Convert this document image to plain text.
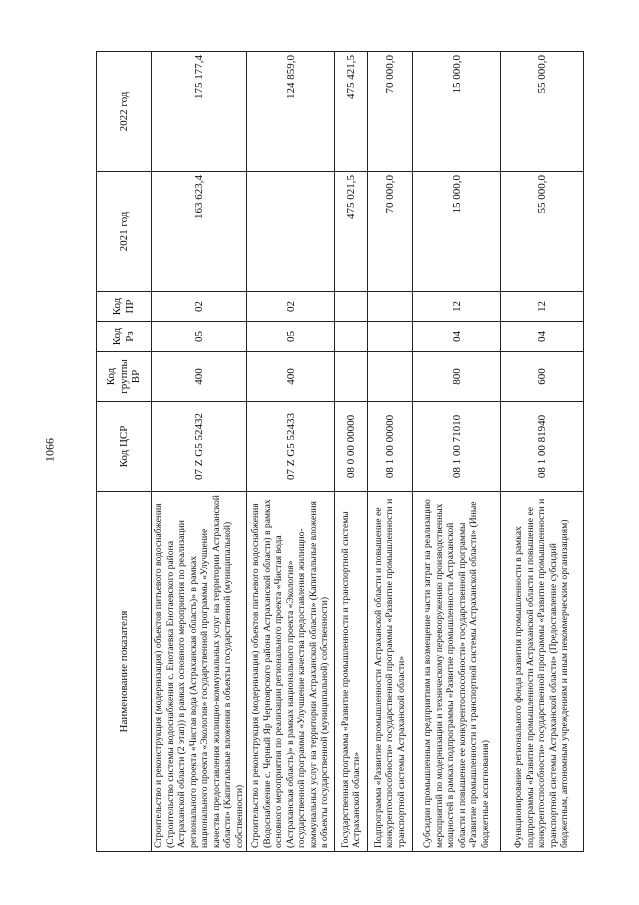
1066
Наименование показателя	Код ЦСР	Код группы ВР	Код Рз	Код ПР	2021 год	2022 год
Строительство и реконструкция (модернизация) объектов питьевого водоснабжения (Строительство системы водоснабжения с. Енотаевка Енотаевского района Астраханской области (2 этап)) в рамках основного мероприятия по реализации регионального проекта «Чистая вода (Астраханская область)» в рамках национального проекта «Экология» государственной программы «Улучшение качества предоставления жилищно-коммунальных услуг на территории Астраханской области» (Капитальные вложения в объекты государственной (муниципальной) собственности)	07 Z G5 52432	400	05	02	163 623,4	175 177,4
Строительство и реконструкция (модернизация) объектов питьевого водоснабжения (Водоснабжение с. Черный Яр Черноярского района Астраханской области) в рамках основного мероприятия по реализации регионального проекта «Чистая вода (Астраханская область)» в рамках национального проекта «Экология» государственной программы «Улучшение качества предоставления жилищно-коммунальных услуг на территории Астраханской области» (Капитальные вложения в объекты государственной (муниципальной) собственности)	07 Z G5 52433	400	05	02		124 859,0
Государственная программа «Развитие промышленности и транспортной системы Астраханской области»	08 0 00 00000				475 021,5	475 421,5
Подпрограмма «Развитие промышленности Астраханской области и повышение ее конкурентоспособности» государственной программы «Развитие промышленности и транспортной системы Астраханской области»	08 1 00 00000				70 000,0	70 000,0
Субсидии промышленным предприятиям на возмещение части затрат на реализацию мероприятий по модернизации и техническому перевооружению производственных мощностей в рамках подпрограммы «Развитие промышленности Астраханской области и повышение ее конкурентоспособности» государственной программы «Развитие промышленности и транспортной системы Астраханской области» (Иные бюджетные ассигнования)	08 1 00 71010	800	04	12	15 000,0	15 000,0
Функционирование регионального фонда развития промышленности в рамках подпрограммы «Развитие промышленности Астраханской области и повышение ее конкурентоспособности» государственной программы «Развитие промышленности и транспортной системы Астраханской области» (Предоставление субсидий бюджетным, автономным учреждениям и иным некоммерческим организациям)	08 1 00 81940	600	04	12	55 000,0	55 000,0
